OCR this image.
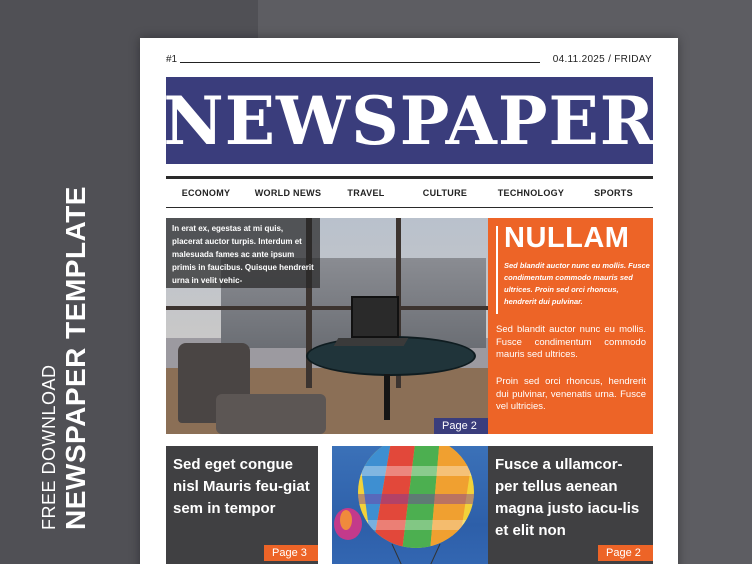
FREE DOWNLOAD NEWSPAPER TEMPLATE
#1	04.11.2025 / FRIDAY
NEWSPAPER
ECONOMY	WORLD NEWS	TRAVEL	CULTURE	TECHNOLOGY	SPORTS
In erat ex, egestas at mi quis, placerat auctor turpis. Interdum et malesuada fames ac ante ipsum primis in faucibus. Quisque hendrerit urna in velit vehic-
Page 2
NULLAM
Sed blandit auctor nunc eu mollis. Fusce condimentum commodo mauris sed ultrices. Proin sed orci rhoncus, hendrerit dui pulvinar.
Sed blandit auctor nunc eu mollis. Fusce condimentum commodo mauris sed ultrices.
Proin sed orci rhoncus, hendrerit dui pulvinar, venenatis urna. Fusce vel ultricies.
Sed eget congue nisl Mauris feu-giat sem in tempor
Page 3
Fusce a ullamcor-per tellus aenean magna justo iacu-lis et elit non
Page 2
